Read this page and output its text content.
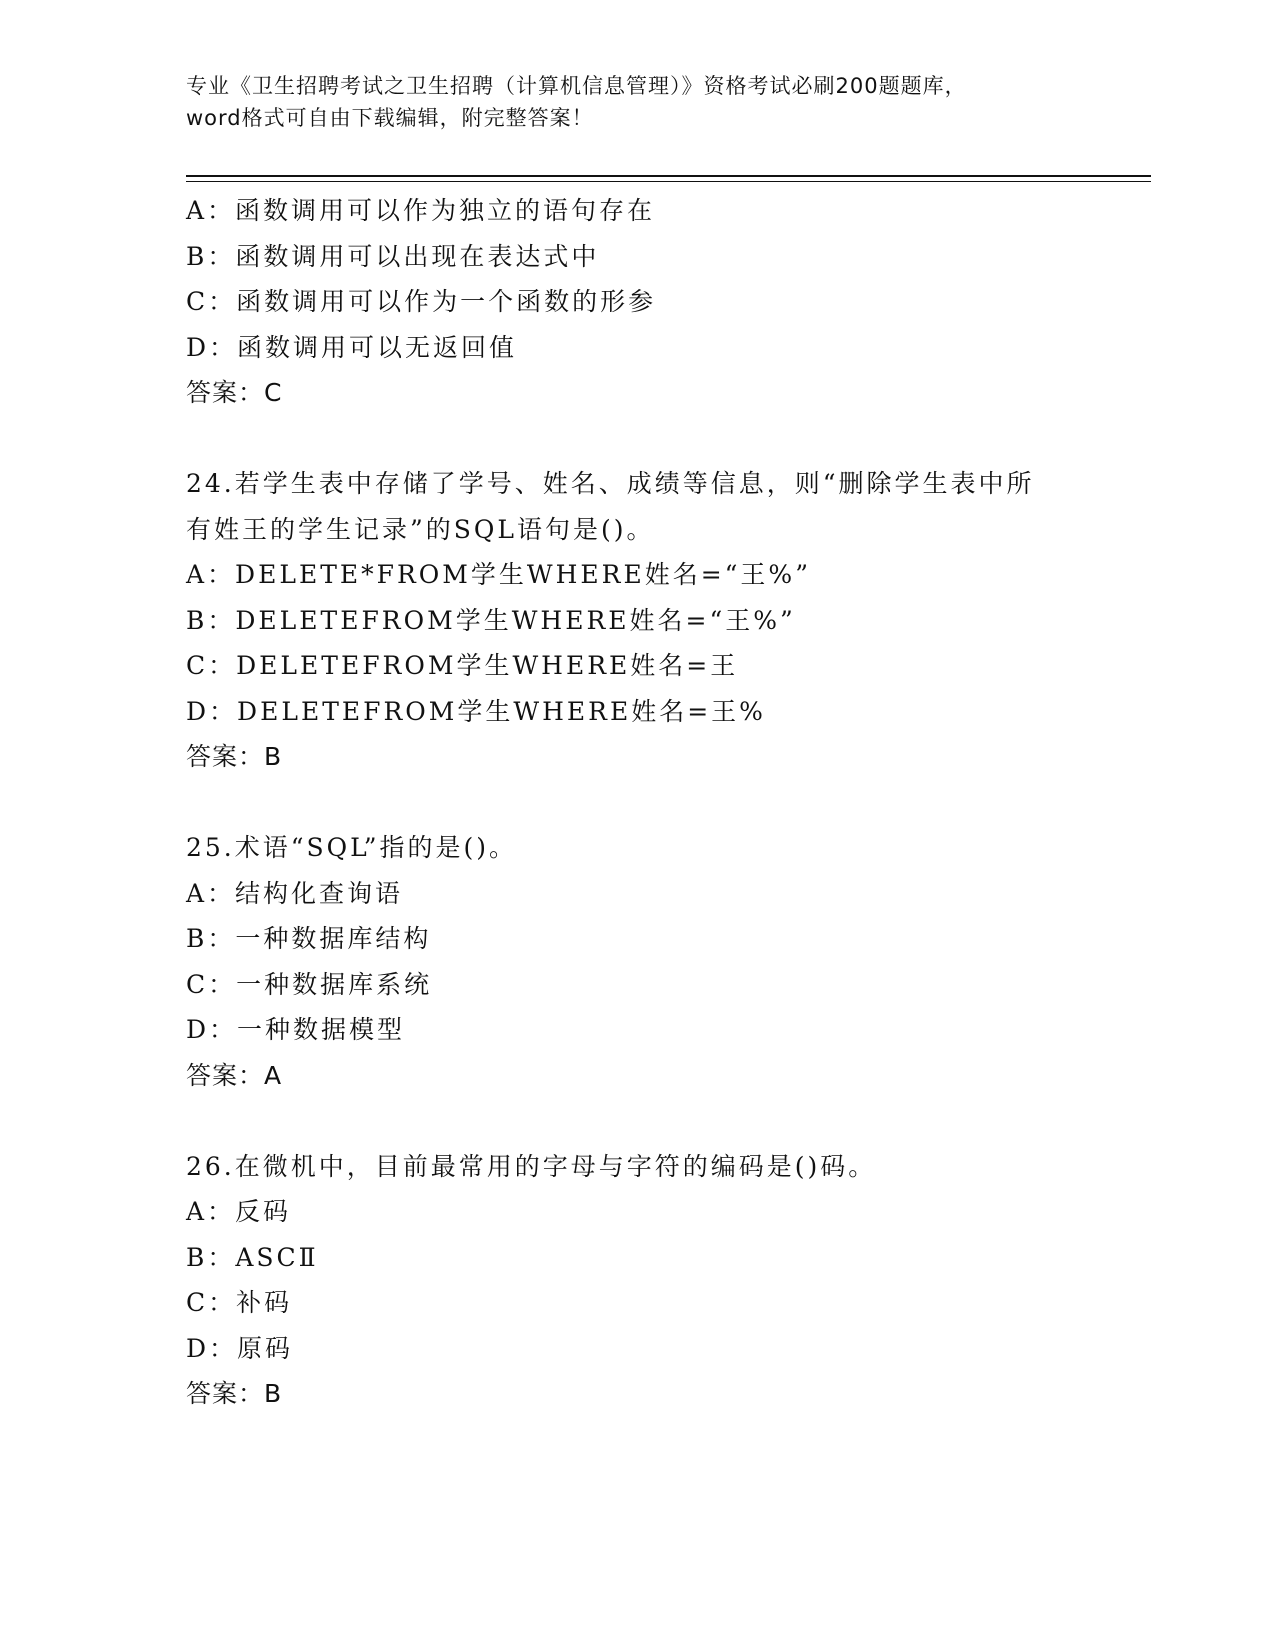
专业《卫生招聘考试之卫生招聘（计算机信息管理）》资格考试必刷200题题库，
word格式可自由下载编辑，附完整答案！
A：函数调用可以作为独立的语句存在
B：函数调用可以出现在表达式中
C：函数调用可以作为一个函数的形参
D：函数调用可以无返回值
答案：C
24.若学生表中存储了学号、姓名、成绩等信息，则“删除学生表中所
有姓王的学生记录”的SQL语句是()。
A：DELETE*FROM学生WHERE姓名=“王%”
B：DELETEFROM学生WHERE姓名=“王%”
C：DELETEFROM学生WHERE姓名=王
D：DELETEFROM学生WHERE姓名=王%
答案：B
25.术语“SQL”指的是()。
A：结构化查询语
B：一种数据库结构
C：一种数据库系统
D：一种数据模型
答案：A
26.在微机中，目前最常用的字母与字符的编码是()码。
A：反码
B：ASCⅡ
C：补码
D：原码
答案：B
